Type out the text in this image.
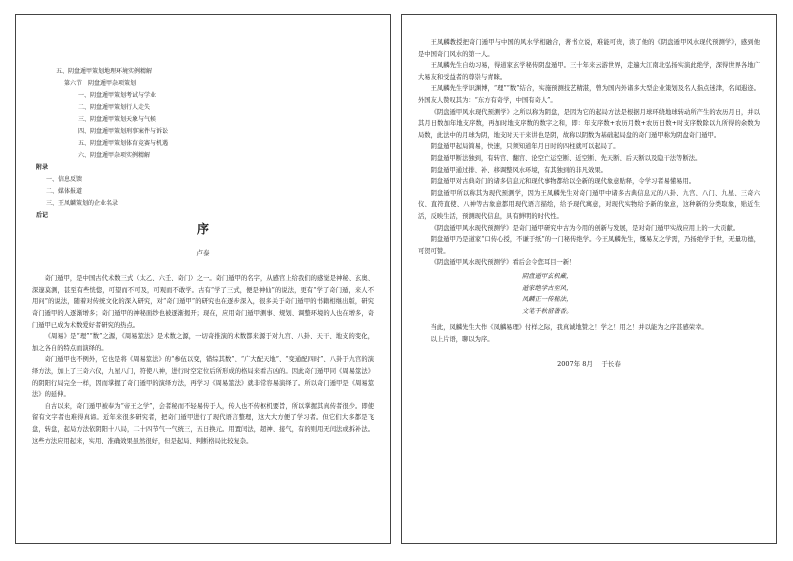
五、阴盘遁甲策划地理环境实例精解
第六节　阴盘遁甲杂项策划
一、阴盘遁甲策划考试与学业
二、阴盘遁甲策划行人走失
三、阴盘遁甲策划天象与气候
四、阴盘遁甲策划刑事案件与诉讼
五、阴盘遁甲策划体育竞赛与机遇
六、阴盘遁甲杂项实例精解
附录
一、信息反馈
二、媒体报道
三、王凤麟策划的企业名录
后记
序
卢泰

奇门遁甲，是中国古代术数三式（太乙、六壬、奇门）之一。奇门遁甲的名字，从感官上给我们的感觉是神秘、玄奥、深邃莫测，甚至有些恍惚，可望而不可及，可观而不敢学。古有“学了三式，便是神仙”的说法，更有“学了奇门遁，来人不用问”的说法，随着对传统文化的深入研究，对“奇门遁甲”的研究也在逐步深入，很多关于奇门遁甲的书籍相继出版，研究奇门遁甲的人逐渐增多；奇门遁甲的神秘面纱也被逐渐揭开；现在，应用奇门遁甲测事、规划、调整环境的人也在增多，奇门遁甲已成为术数爱好者研究的热点。

《周易》是“理”“数”之源，《周易筮法》是术数之源，一切奇推演的术数都来源于对九宫、八卦、天干、地支的变化，加之各自的特点而演绎的。

奇门遁甲也不例外，它也是将《周易筮法》的“参伍以变，错综其数”、“广大配天地”、“变通配四时”、八卦于九宫的演绎方法，加上了三奇六仪，九星八门，符使八神，进行时空定位后所形成的格局来看吉凶的。因此奇门遁甲同《周易筮法》的阴阳行局完全一样，因而掌握了奇门遁甲的演绎方法，再学习《周易筮法》就非常容易演绎了。所以奇门遁甲是《周易筮法》的延伸。

自古以来，奇门遁甲被奉为“帝王之学”，会者秘而不轻易传于人，传人也不传枢机要旨，所以掌握其真传者很少。即使留有文字者也难得真谛。近年来很多研究者，把奇门遁甲进行了现代语言整理，这大大方便了学习者。但它们大多都是飞盘，转盘，起局方法依阴阳十八局，二十四节气一气统三，五日换元。用置闰法，超神、接气，有的则用无闰法或拆补法。这些方法应用起来，实用、准确效果虽然很好，但是起局、判断格局比较复杂。

王凤麟教授把奇门遁甲与中国的风水学相融合，著书立说，难能可贵，读了他的《阴盘遁甲风水现代预测学》，感到他是中国奇门风水的第一人。

王凤麟先生自幼习易，得道家玄学秘传阴盘遁甲。三十年来云游世界，走遍大江南北弘扬实演此绝学，深得世界各地广大易友和受益者的尊崇与青睐。

王凤麟先生学识渊博，“理”“数”结合，实施预测技艺精湛，曾为国内外诸多大型企业策划及名人指点迷津，名闻遐迩。外国友人赞叹其为：“东方有奇学，中国有奇人”。

《阴盘遁甲风水现代预测学》之所以称为阴盘，是因为它的起局方法是根据月球环绕地球转动所产生的农历月日，并以其月日数加年地支序数，再加时地支序数的数字之和，即：年支序数+农历月数+农历日数+时支序数除以九所得的余数为局数，此法中的月球为阴，地支时天干来讲也是阴，故称以阴数为基础起局盘的奇门遁甲称为阴盘奇门遁甲。

阴盘遁甲起局简易，快速，只须知道年月日时的四柱就可以起局了。

阴盘遁甲断法独到，有转宫、翻宫、论空亡运空断、近空断、先天断、后天断以及隐干法等断法。

阴盘遁甲通过排、补、移调整风水环境，有其独到的非凡效果。

阴盘遁甲对古典奇门的诸多信息元和现代事物都给以全新的现代象意贴释，令学习者易懂易用。

阴盘遁甲所以称其为现代预测学，因为王凤麟先生对奇门遁甲中诸多古典信息元的八卦、九宫、八门、九星、三奇六仪、直符直使、八神等古象意都用现代语言描绘，给予现代寓意，对现代实物给予新的象意，这种新的分类取象，贴近生活，反映生活，预测现代信息，具有鲜明的时代性。

《阴盘遁甲风水现代预测学》是奇门遁甲研究中古为今用的创新与发展，是对奇门遁甲实战应用上的一大贡献。

阴盘遁甲乃是道家“口传心授，不谦于纸”的一门秘传绝学。今王凤麟先生，慨易友之学需，乃扬绝学于世，无量功德，可贺可赞。

《阴盘遁甲风水现代预测学》看后会令您耳目一新！

阴盘遁甲玄机藏，
遁家绝学古至风，
凤麟正一传秘法，
文笔千秋留著香。

当此，凤麟先生大作《凤麟易理》付样之际，我真诚地赞之！学之！用之！并以能为之序甚感荣幸。

以上片语，聊以为序。

2007年 8月　 于长春
